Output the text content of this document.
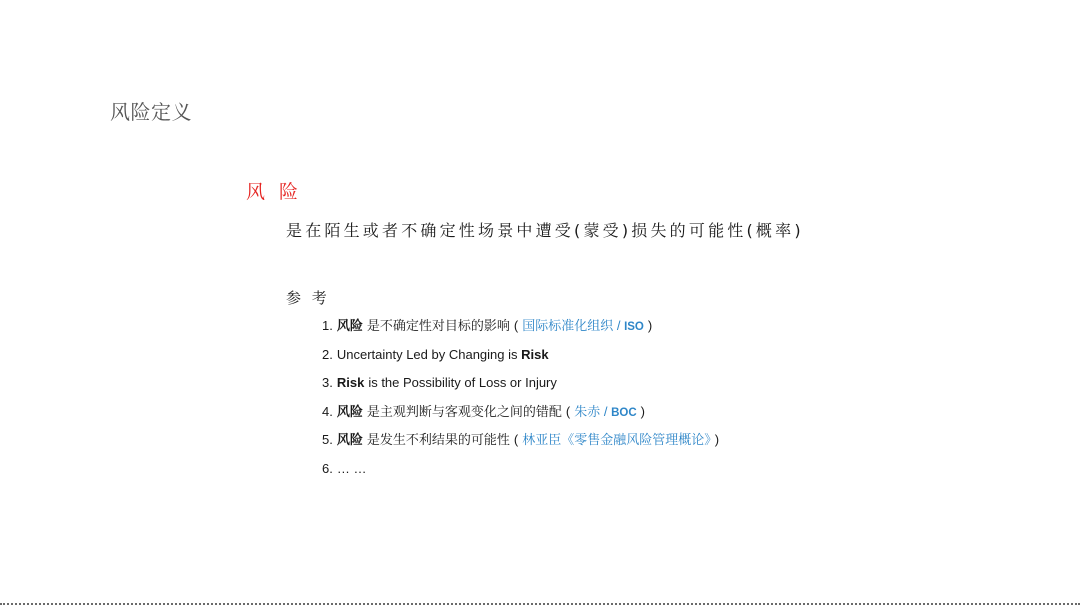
风险定义
风 险
是在陌生或者不确定性场景中遭受(蒙受)损失的可能性(概率)
参 考
1. 风险 是不确定性对目标的影响 ( 国际标准化组织 / ISO )
2. Uncertainty Led by Changing is Risk
3. Risk is the Possibility of Loss or Injury
4. 风险 是主观判断与客观变化之间的错配 ( 朱赤 / BOC )
5. 风险 是发生不利结果的可能性 ( 林亚臣《零售金融风险管理概论》 )
6. … …
